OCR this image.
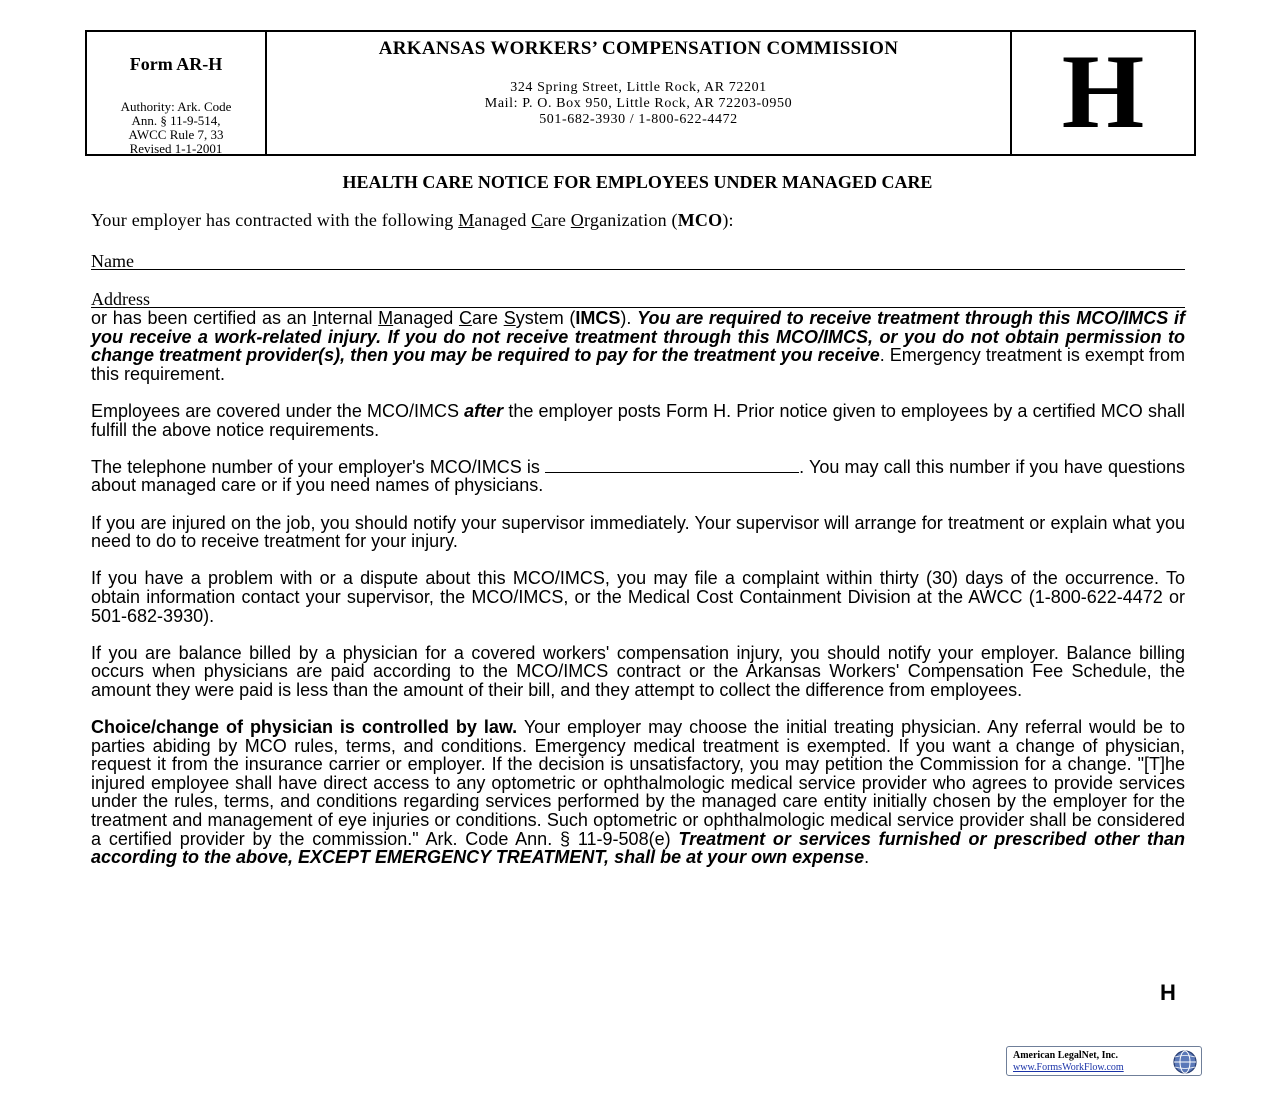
Form AR-H
Authority: Ark. Code
Ann. § 11-9-514,
AWCC Rule 7, 33
Revised 1-1-2001
ARKANSAS WORKERS’ COMPENSATION COMMISSION
324 Spring Street, Little Rock, AR 72201
Mail: P. O. Box 950, Little Rock, AR 72203-0950
501-682-3930 / 1-800-622-4472	H
HEALTH CARE NOTICE FOR EMPLOYEES UNDER MANAGED CARE
Your employer has contracted with the following Managed Care Organization (MCO):
Name
Address

or has been certified as an Internal Managed Care System (IMCS). You are required to receive treatment through this MCO/IMCS if you receive a work-related injury. If you do not receive treatment through this MCO/IMCS, or you do not obtain permission to change treatment provider(s), then you may be required to pay for the treatment you receive. Emergency treatment is exempt from this requirement.

Employees are covered under the MCO/IMCS after the employer posts Form H. Prior notice given to employees by a certified MCO shall fulfill the above notice requirements.

The telephone number of your employer's MCO/IMCS is	. You may call this number if you have questions about managed care or if you need names of physicians.

If you are injured on the job, you should notify your supervisor immediately. Your supervisor will arrange for treatment or explain what you need to do to receive treatment for your injury.

If you have a problem with or a dispute about this MCO/IMCS, you may file a complaint within thirty (30) days of the occurrence. To obtain information contact your supervisor, the MCO/IMCS, or the Medical Cost Containment Division at the AWCC (1-800-622-4472 or 501-682-3930).

If you are balance billed by a physician for a covered workers' compensation injury, you should notify your employer. Balance billing occurs when physicians are paid according to the MCO/IMCS contract or the Arkansas Workers' Compensation Fee Schedule, the amount they were paid is less than the amount of their bill, and they attempt to collect the difference from employees.

Choice/change of physician is controlled by law. Your employer may choose the initial treating physician. Any referral would be to parties abiding by MCO rules, terms, and conditions. Emergency medical treatment is exempted. If you want a change of physician, request it from the insurance carrier or employer. If the decision is unsatisfactory, you may petition the Commission for a change. "[T]he injured employee shall have direct access to any optometric or ophthalmologic medical service provider who agrees to provide services under the rules, terms, and conditions regarding services performed by the managed care entity initially chosen by the employer for the treatment and management of eye injuries or conditions. Such optometric or ophthalmologic medical service provider shall be considered a certified provider by the commission." Ark. Code Ann. § 11-9-508(e) Treatment or services furnished or prescribed other than according to the above, EXCEPT EMERGENCY TREATMENT, shall be at your own expense.

H
American LegalNet, Inc.
www.FormsWorkFlow.com
